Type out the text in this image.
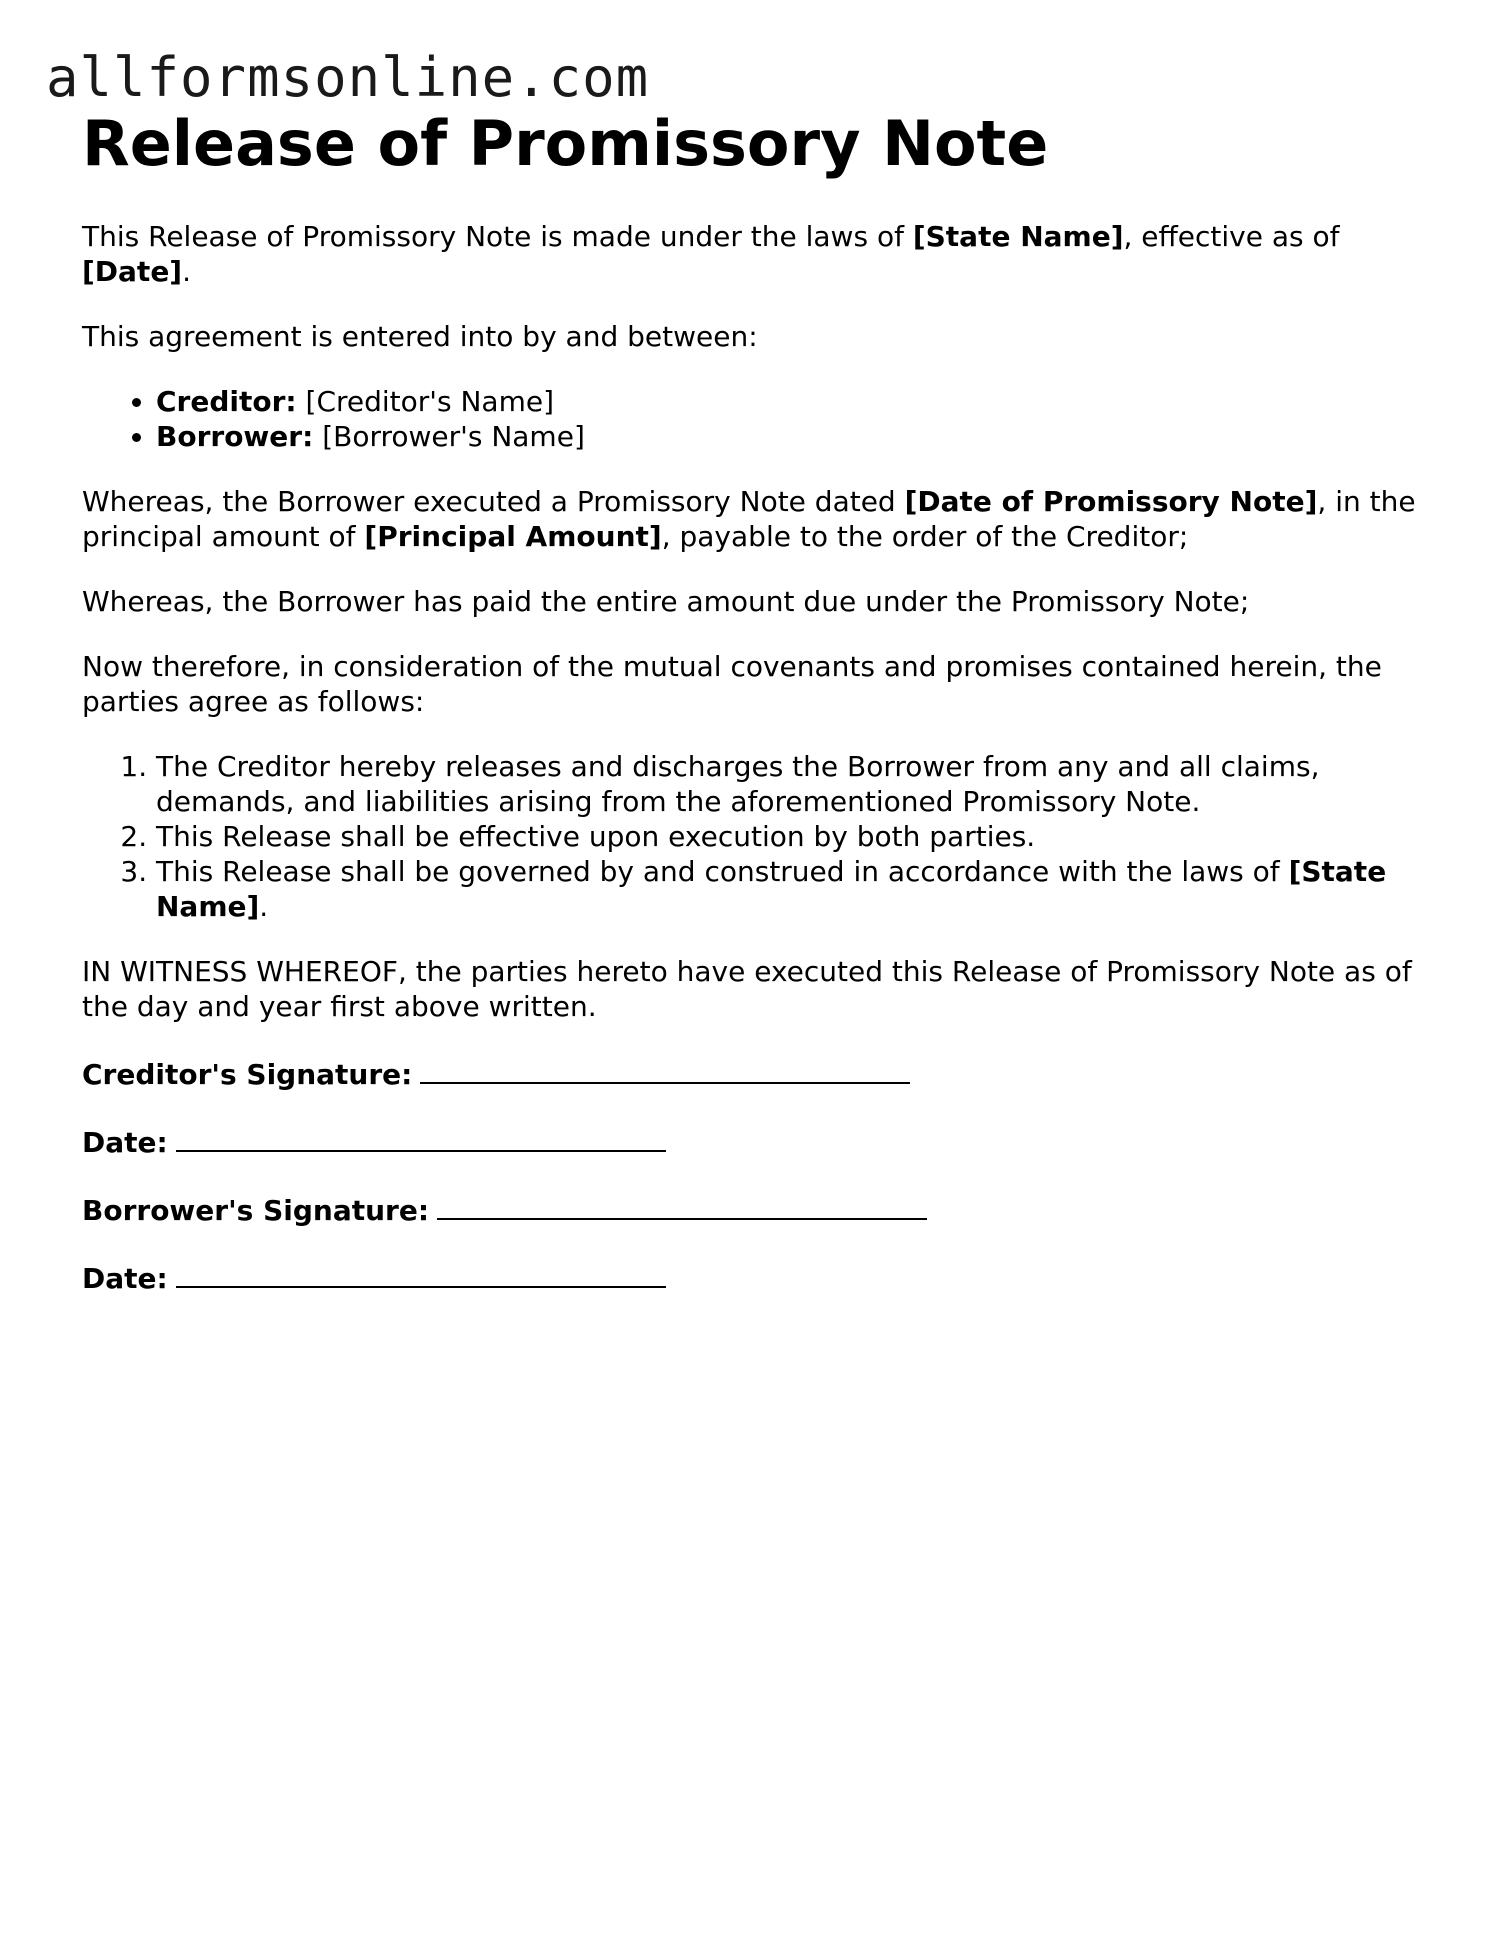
allformsonline.com
Release of Promissory Note

This Release of Promissory Note is made under the laws of [State Name], effective as of [Date].

This agreement is entered into by and between:

• Creditor: [Creditor's Name]
• Borrower: [Borrower's Name]

Whereas, the Borrower executed a Promissory Note dated [Date of Promissory Note], in the principal amount of [Principal Amount], payable to the order of the Creditor;

Whereas, the Borrower has paid the entire amount due under the Promissory Note;

Now therefore, in consideration of the mutual covenants and promises contained herein, the parties agree as follows:

1. The Creditor hereby releases and discharges the Borrower from any and all claims, demands, and liabilities arising from the aforementioned Promissory Note.
2. This Release shall be effective upon execution by both parties.
3. This Release shall be governed by and construed in accordance with the laws of [State Name].

IN WITNESS WHEREOF, the parties hereto have executed this Release of Promissory Note as of the day and year first above written.

Creditor's Signature:

Date:

Borrower's Signature:

Date:
